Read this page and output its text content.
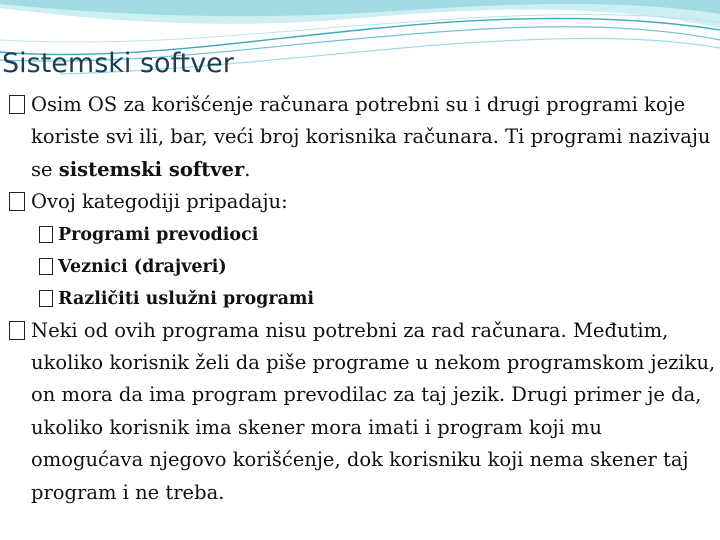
Sistemski softver
Osim OS za korišćenje računara potrebni su i drugi programi koje koriste svi ili, bar, veći broj korisnika računara. Ti programi nazivaju se sistemski softver.
Ovoj kategodiji pripadaju:
Programi prevodioci
Veznici (drajveri)
Različiti uslužni programi
Neki od ovih programa nisu potrebni za rad računara. Međutim, ukoliko korisnik želi da piše programe u nekom programskom jeziku, on mora da ima program prevodilac za taj jezik. Drugi primer je da, ukoliko korisnik ima skener mora imati i program koji mu omogućava njegovo korišćenje, dok korisniku koji nema skener taj program i ne treba.
